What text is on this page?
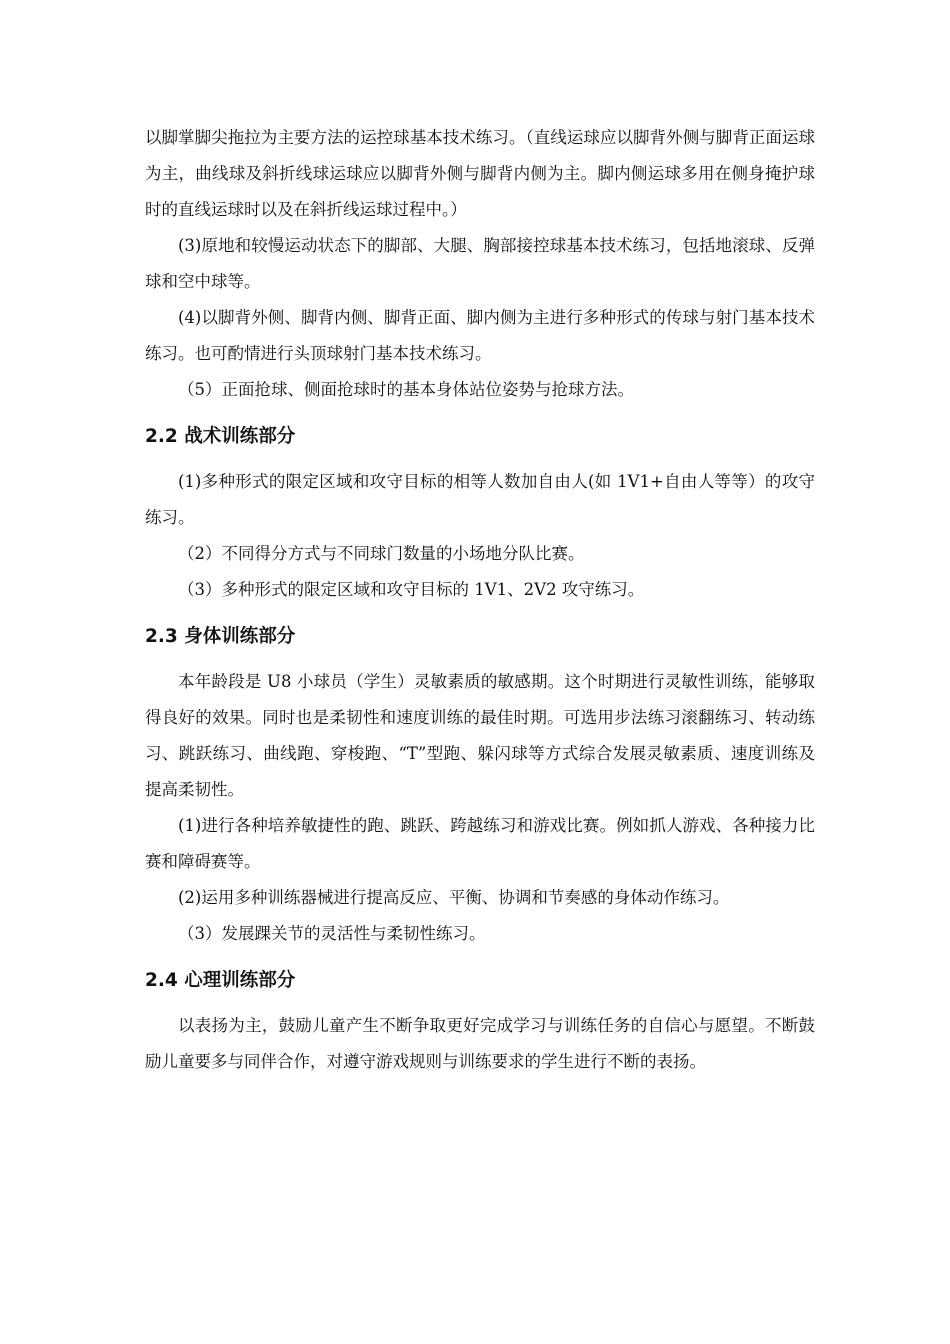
以脚掌脚尖拖拉为主要方法的运控球基本技术练习。（直线运球应以脚背外侧与脚背正面运球为主，曲线球及斜折线球运球应以脚背外侧与脚背内侧为主。脚内侧运球多用在侧身掩护球时的直线运球时以及在斜折线运球过程中。）

(3)原地和较慢运动状态下的脚部、大腿、胸部接控球基本技术练习，包括地滚球、反弹球和空中球等。

(4)以脚背外侧、脚背内侧、脚背正面、脚内侧为主进行多种形式的传球与射门基本技术练习。也可酌情进行头顶球射门基本技术练习。

（5）正面抢球、侧面抢球时的基本身体站位姿势与抢球方法。

2.2 战术训练部分

(1)多种形式的限定区域和攻守目标的相等人数加自由人(如 1V1+自由人等等）的攻守练习。

（2）不同得分方式与不同球门数量的小场地分队比赛。

（3）多种形式的限定区域和攻守目标的 1V1、2V2 攻守练习。

2.3 身体训练部分

本年龄段是 U8 小球员（学生）灵敏素质的敏感期。这个时期进行灵敏性训练，能够取得良好的效果。同时也是柔韧性和速度训练的最佳时期。可选用步法练习滚翻练习、转动练习、跳跃练习、曲线跑、穿梭跑、“T”型跑、躲闪球等方式综合发展灵敏素质、速度训练及提高柔韧性。

(1)进行各种培养敏捷性的跑、跳跃、跨越练习和游戏比赛。例如抓人游戏、各种接力比赛和障碍赛等。

(2)运用多种训练器械进行提高反应、平衡、协调和节奏感的身体动作练习。

（3）发展踝关节的灵活性与柔韧性练习。

2.4 心理训练部分

以表扬为主，鼓励儿童产生不断争取更好完成学习与训练任务的自信心与愿望。不断鼓励儿童要多与同伴合作，对遵守游戏规则与训练要求的学生进行不断的表扬。
